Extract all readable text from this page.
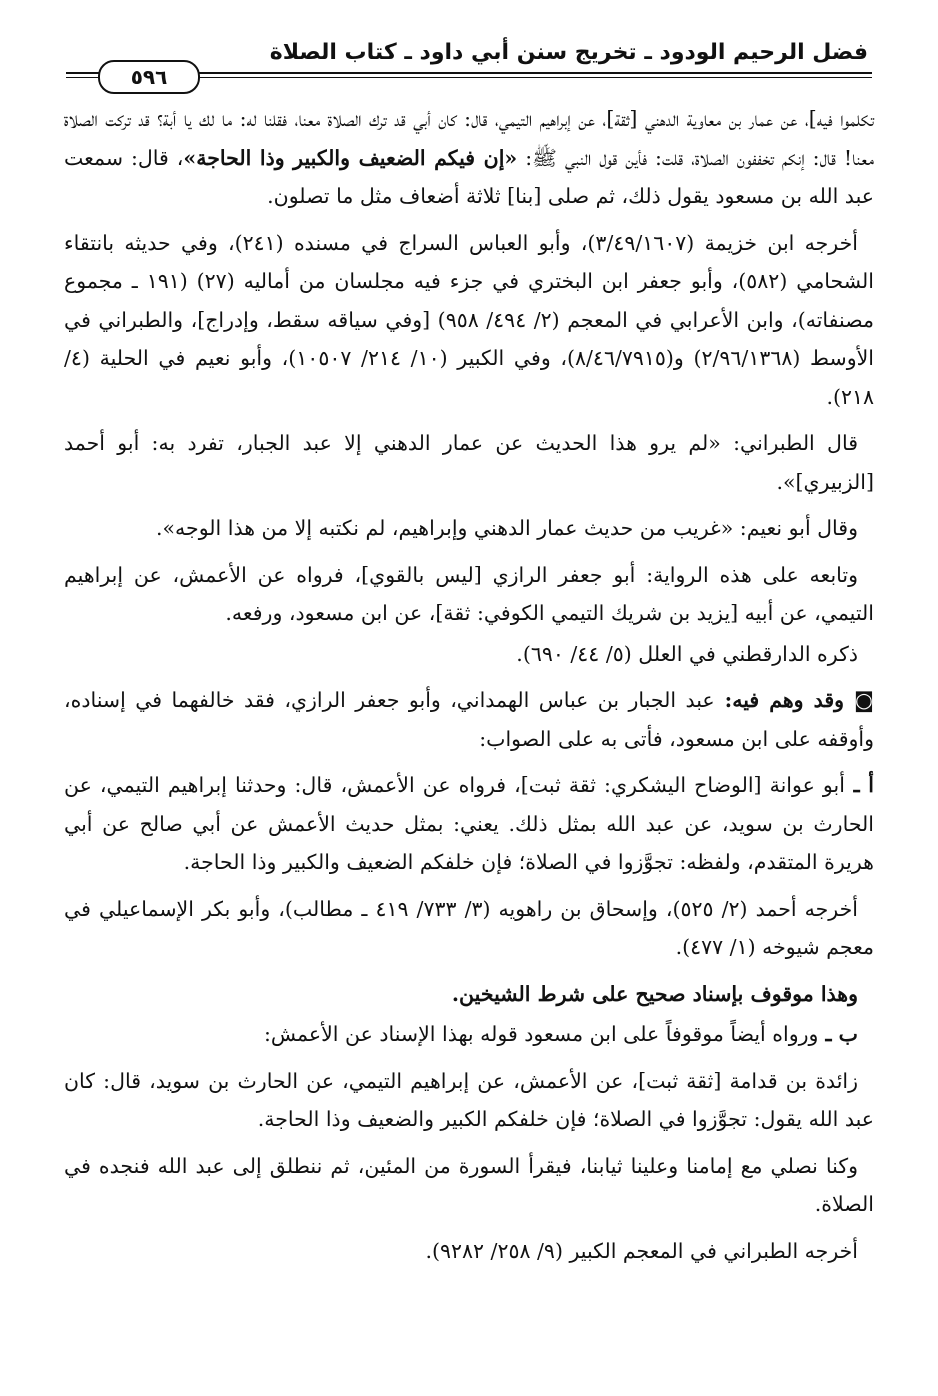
فضل الرحيم الودود ـ تخريج سنن أبي داود ـ كتاب الصلاة
٥٩٦

تكلموا فيه]، عن عمار بن معاوية الدهني [ثقة]، عن إبراهيم التيمي، قال: كان أبي قد ترك الصلاة معنا، فقلنا له: ما لك يا أبة؟ قد تركت الصلاة معنا! قال: إنكم تخففون الصلاة، قلت: فأين قول النبي ﷺ: «إن فيكم الضعيف والكبير وذا الحاجة»، قال: سمعت عبد الله بن مسعود يقول ذلك، ثم صلى [بنا] ثلاثة أضعاف مثل ما تصلون.

أخرجه ابن خزيمة (٣/٤٩/١٦٠٧)، وأبو العباس السراج في مسنده (٢٤١)، وفي حديثه بانتقاء الشحامي (٥٨٢)، وأبو جعفر ابن البختري في جزء فيه مجلسان من أماليه (٢٧) (١٩١ ـ مجموع مصنفاته)، وابن الأعرابي في المعجم (٢/ ٤٩٤/ ٩٥٨) [وفي سياقه سقط، وإدراج]، والطبراني في الأوسط (٢/٩٦/١٣٦٨) و(٨/٤٦/٧٩١٥)، وفي الكبير (١٠/ ٢١٤/ ١٠٥٠٧)، وأبو نعيم في الحلية (٤/ ٢١٨).

قال الطبراني: «لم يرو هذا الحديث عن عمار الدهني إلا عبد الجبار، تفرد به: أبو أحمد [الزبيري]».

وقال أبو نعيم: «غريب من حديث عمار الدهني وإبراهيم، لم نكتبه إلا من هذا الوجه».

وتابعه على هذه الرواية: أبو جعفر الرازي [ليس بالقوي]، فرواه عن الأعمش، عن إبراهيم التيمي، عن أبيه [يزيد بن شريك التيمي الكوفي: ثقة]، عن ابن مسعود، ورفعه.

ذكره الدارقطني في العلل (٥/ ٤٤/ ٦٩٠).

◙ وقد وهم فيه: عبد الجبار بن عباس الهمداني، وأبو جعفر الرازي، فقد خالفهما في إسناده، وأوقفه على ابن مسعود، فأتى به على الصواب:

أ ـ أبو عوانة [الوضاح اليشكري: ثقة ثبت]، فرواه عن الأعمش، قال: وحدثنا إبراهيم التيمي، عن الحارث بن سويد، عن عبد الله بمثل ذلك. يعني: بمثل حديث الأعمش عن أبي صالح عن أبي هريرة المتقدم، ولفظه: تجوَّزوا في الصلاة؛ فإن خلفكم الضعيف والكبير وذا الحاجة.

أخرجه أحمد (٢/ ٥٢٥)، وإسحاق بن راهويه (٣/ ٧٣٣/ ٤١٩ ـ مطالب)، وأبو بكر الإسماعيلي في معجم شيوخه (١/ ٤٧٧).

وهذا موقوف بإسناد صحيح على شرط الشيخين.

ب ـ ورواه أيضاً موقوفاً على ابن مسعود قوله بهذا الإسناد عن الأعمش:

زائدة بن قدامة [ثقة ثبت]، عن الأعمش، عن إبراهيم التيمي، عن الحارث بن سويد، قال: كان عبد الله يقول: تجوَّزوا في الصلاة؛ فإن خلفكم الكبير والضعيف وذا الحاجة.

وكنا نصلي مع إمامنا وعلينا ثيابنا، فيقرأ السورة من المئين، ثم ننطلق إلى عبد الله فنجده في الصلاة.

أخرجه الطبراني في المعجم الكبير (٩/ ٢٥٨/ ٩٢٨٢).
